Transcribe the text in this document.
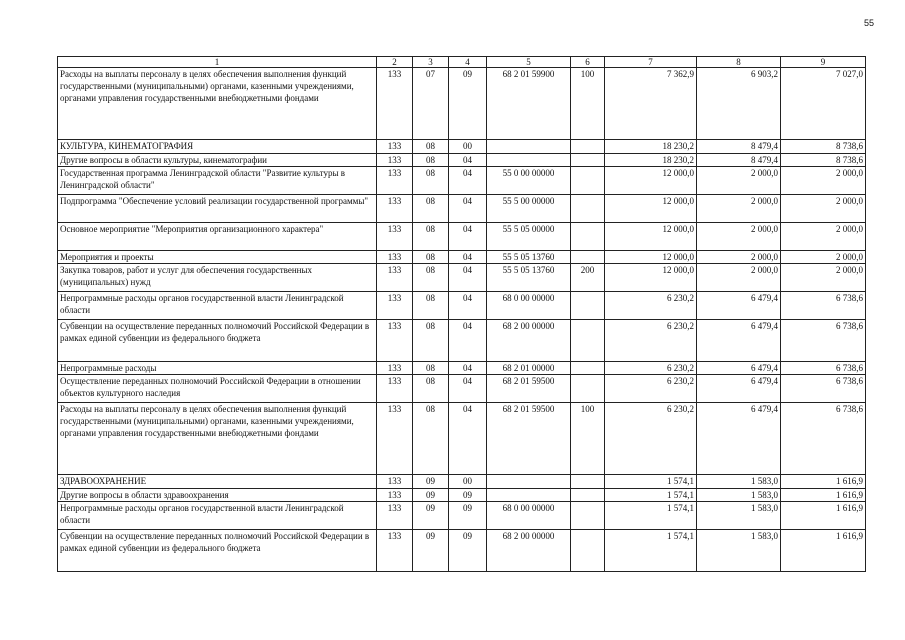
55
1	2	3	4	5	6	7	8	9
Расходы на выплаты персоналу в целях обеспечения выполнения функций государственными (муниципальными) органами, казенными учреждениями, органами управления государственными внебюджетными фондами	133	07	09	68 2 01 59900	100	7 362,9	6 903,2	7 027,0
КУЛЬТУРА, КИНЕМАТОГРАФИЯ	133	08	00			18 230,2	8 479,4	8 738,6
Другие вопросы в области культуры, кинематографии	133	08	04			18 230,2	8 479,4	8 738,6
Государственная программа Ленинградской области "Развитие культуры в Ленинградской области"	133	08	04	55 0 00 00000		12 000,0	2 000,0	2 000,0
Подпрограмма "Обеспечение условий реализации государственной программы"	133	08	04	55 5 00 00000		12 000,0	2 000,0	2 000,0
Основное мероприятие "Мероприятия организационного характера"	133	08	04	55 5 05 00000		12 000,0	2 000,0	2 000,0
Мероприятия и проекты	133	08	04	55 5 05 13760		12 000,0	2 000,0	2 000,0
Закупка товаров, работ и услуг для обеспечения государственных (муниципальных) нужд	133	08	04	55 5 05 13760	200	12 000,0	2 000,0	2 000,0
Непрограммные расходы органов государственной власти Ленинградской области	133	08	04	68 0 00 00000		6 230,2	6 479,4	6 738,6
Субвенции на осуществление переданных полномочий Российской Федерации в рамках единой субвенции из федерального бюджета	133	08	04	68 2 00 00000		6 230,2	6 479,4	6 738,6
Непрограммные расходы	133	08	04	68 2 01 00000		6 230,2	6 479,4	6 738,6
Осуществление переданных полномочий Российской Федерации в отношении объектов культурного наследия	133	08	04	68 2 01 59500		6 230,2	6 479,4	6 738,6
Расходы на выплаты персоналу в целях обеспечения выполнения функций государственными (муниципальными) органами, казенными учреждениями, органами управления государственными внебюджетными фондами	133	08	04	68 2 01 59500	100	6 230,2	6 479,4	6 738,6
ЗДРАВООХРАНЕНИЕ	133	09	00			1 574,1	1 583,0	1 616,9
Другие вопросы в области здравоохранения	133	09	09			1 574,1	1 583,0	1 616,9
Непрограммные расходы органов государственной власти Ленинградской области	133	09	09	68 0 00 00000		1 574,1	1 583,0	1 616,9
Субвенции на осуществление переданных полномочий Российской Федерации в рамках единой субвенции из федерального бюджета	133	09	09	68 2 00 00000		1 574,1	1 583,0	1 616,9
